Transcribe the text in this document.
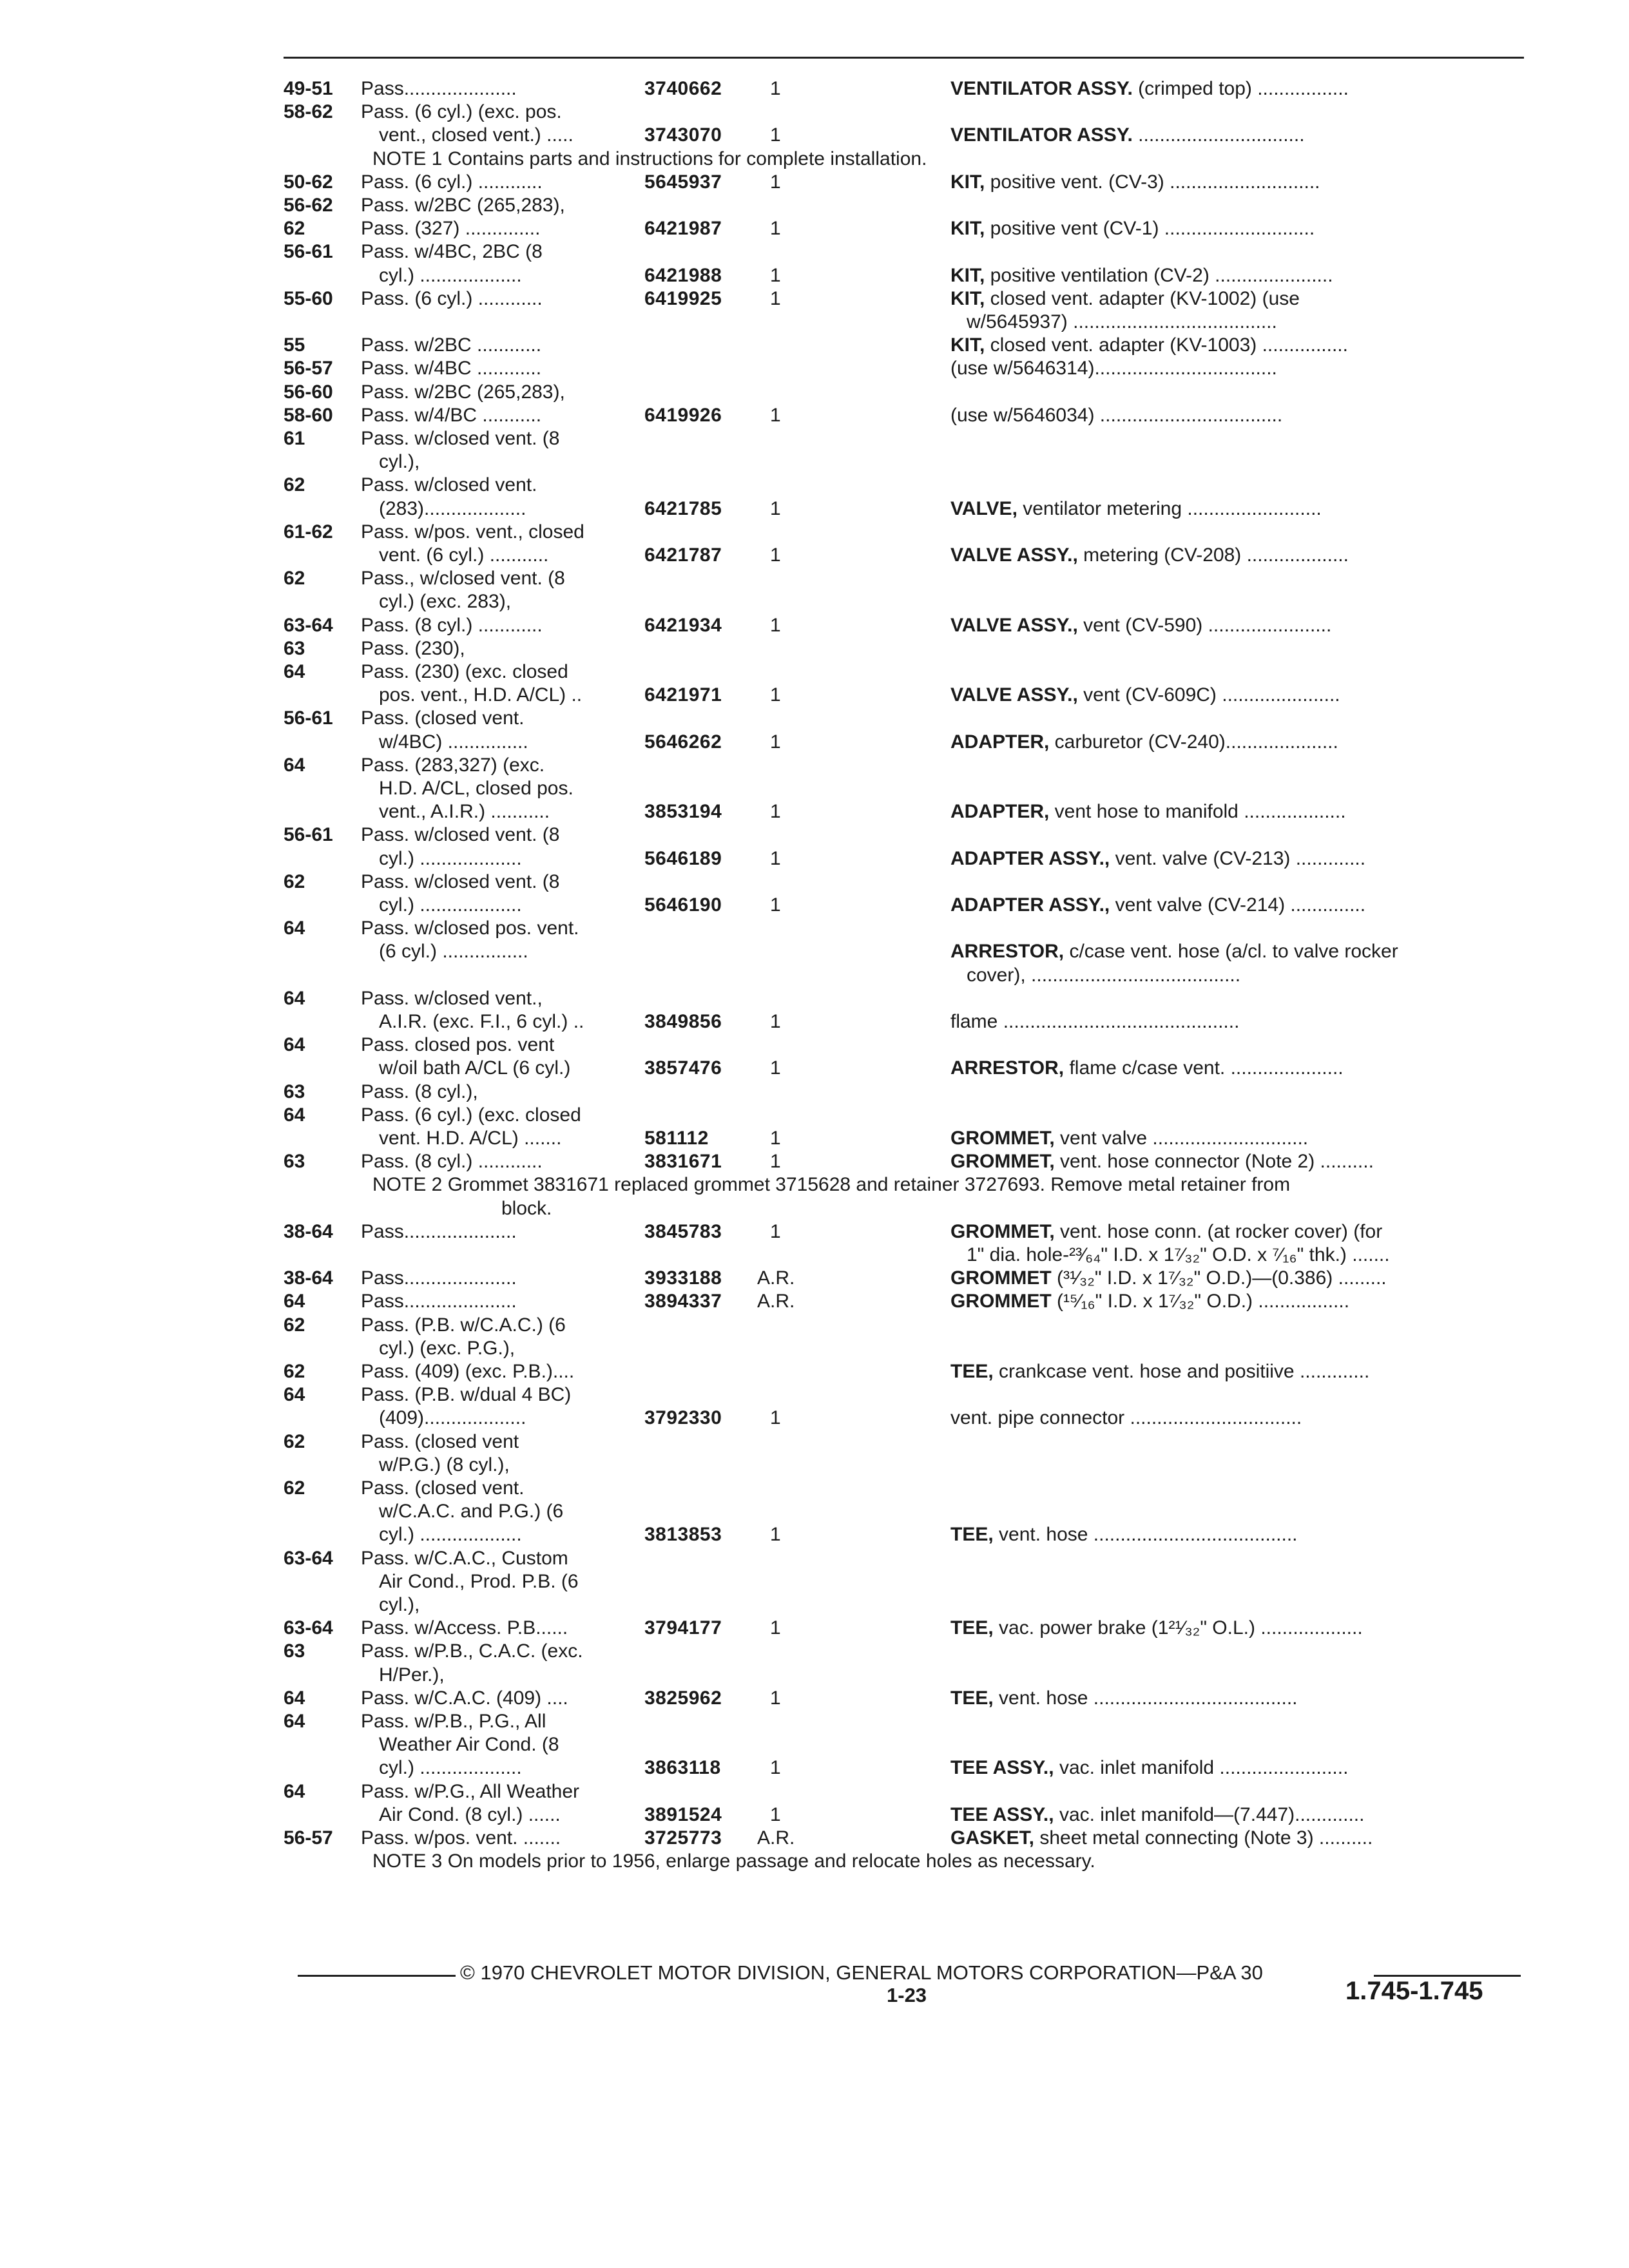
49-51 Pass.....................	3740662 1	VENTILATOR ASSY. (crimped top) .................
58-62 Pass. (6 cyl.) (exc. pos.
vent., closed vent.) .....	3743070 1	VENTILATOR ASSY. ...............................
NOTE 1 Contains parts and instructions for complete installation.
50-62 Pass. (6 cyl.) ............	5645937 1	KIT, positive vent. (CV-3) ............................
56-62 Pass. w/2BC (265,283),
62	Pass. (327) ..............	6421987 1	KIT, positive vent (CV-1) ............................
56-61 Pass. w/4BC, 2BC (8
cyl.) ...................	6421988 1	KIT, positive ventilation (CV-2) ......................
55-60 Pass. (6 cyl.) ............	6419925 1	KIT, closed vent. adapter (KV-1002) (use
w/5645937) ......................................
55	Pass. w/2BC ............	KIT, closed vent. adapter (KV-1003) ................
56-57 Pass. w/4BC ............	(use w/5646314)..................................
56-60 Pass. w/2BC (265,283),
58-60 Pass. w/4/BC ...........	6419926 1	(use w/5646034) ..................................
61	Pass. w/closed vent. (8
cyl.),
62	Pass. w/closed vent.
(283)...................	6421785 1	VALVE, ventilator metering .........................
61-62 Pass. w/pos. vent., closed
vent. (6 cyl.) ...........	6421787 1	VALVE ASSY., metering (CV-208) ...................
62	Pass., w/closed vent. (8
cyl.) (exc. 283),
63-64 Pass. (8 cyl.) ............	6421934 1	VALVE ASSY., vent (CV-590) .......................
63	Pass. (230),
64	Pass. (230) (exc. closed
pos. vent., H.D. A/CL) ..	6421971 1	VALVE ASSY., vent (CV-609C) ......................
56-61 Pass. (closed vent.
w/4BC) ...............	5646262 1	ADAPTER, carburetor (CV-240).....................
64	Pass. (283,327) (exc.
H.D. A/CL, closed pos.
vent., A.I.R.) ...........	3853194 1	ADAPTER, vent hose to manifold ...................
56-61 Pass. w/closed vent. (8
cyl.) ...................	5646189 1	ADAPTER ASSY., vent. valve (CV-213) .............
62	Pass. w/closed vent. (8
cyl.) ...................	5646190 1	ADAPTER ASSY., vent valve (CV-214) ..............
64	Pass. w/closed pos. vent.
(6 cyl.) ................	ARRESTOR, c/case vent. hose (a/cl. to valve rocker
cover), .......................................
64	Pass. w/closed vent.,
A.I.R. (exc. F.I., 6 cyl.) ..	3849856 1	flame ............................................
64	Pass. closed pos. vent
w/oil bath A/CL (6 cyl.)	3857476 1	ARRESTOR, flame c/case vent. .....................
63	Pass. (8 cyl.),
64	Pass. (6 cyl.) (exc. closed
vent. H.D. A/CL) .......	581112	1	GROMMET, vent valve .............................
63	Pass. (8 cyl.) ............	3831671 1	GROMMET, vent. hose connector (Note 2) ..........
NOTE 2 Grommet 3831671 replaced grommet 3715628 and retainer 3727693. Remove metal retainer from
block.
38-64 Pass.....................	3845783 1	GROMMET, vent. hose conn. (at rocker cover) (for
1" dia. hole-²³⁄₆₄" I.D. x 1⁷⁄₃₂" O.D. x ⁷⁄₁₆" thk.) .......
38-64 Pass.....................	3933188 A.R.	GROMMET (³¹⁄₃₂" I.D. x 1⁷⁄₃₂" O.D.)—(0.386) .........
64	Pass.....................	3894337 A.R.	GROMMET (¹⁵⁄₁₆" I.D. x 1⁷⁄₃₂" O.D.) .................
62	Pass. (P.B. w/C.A.C.) (6
cyl.) (exc. P.G.),
62	Pass. (409) (exc. P.B.)....	TEE, crankcase vent. hose and positiive .............
64	Pass. (P.B. w/dual 4 BC)
(409)...................	3792330 1	vent. pipe connector ................................
62	Pass. (closed vent
w/P.G.) (8 cyl.),
62	Pass. (closed vent.
w/C.A.C. and P.G.) (6
cyl.) ...................	3813853 1	TEE, vent. hose ......................................
63-64 Pass. w/C.A.C., Custom
Air Cond., Prod. P.B. (6
cyl.),
63-64 Pass. w/Access. P.B......	3794177 1	TEE, vac. power brake (1²¹⁄₃₂" O.L.) ...................
63	Pass. w/P.B., C.A.C. (exc.
H/Per.),
64	Pass. w/C.A.C. (409) ....	3825962 1	TEE, vent. hose ......................................
64	Pass. w/P.B., P.G., All
Weather Air Cond. (8
cyl.) ...................	3863118	1	TEE ASSY., vac. inlet manifold ........................
64	Pass. w/P.G., All Weather
Air Cond. (8 cyl.) ......	3891524 1	TEE ASSY., vac. inlet manifold—(7.447).............
56-57 Pass. w/pos. vent. .......	3725773 A.R.	GASKET, sheet metal connecting (Note 3) ..........
NOTE 3 On models prior to 1956, enlarge passage and relocate holes as necessary.
© 1970 CHEVROLET MOTOR DIVISION, GENERAL MOTORS CORPORATION—P&A 30
1-23	1.745-1.745
